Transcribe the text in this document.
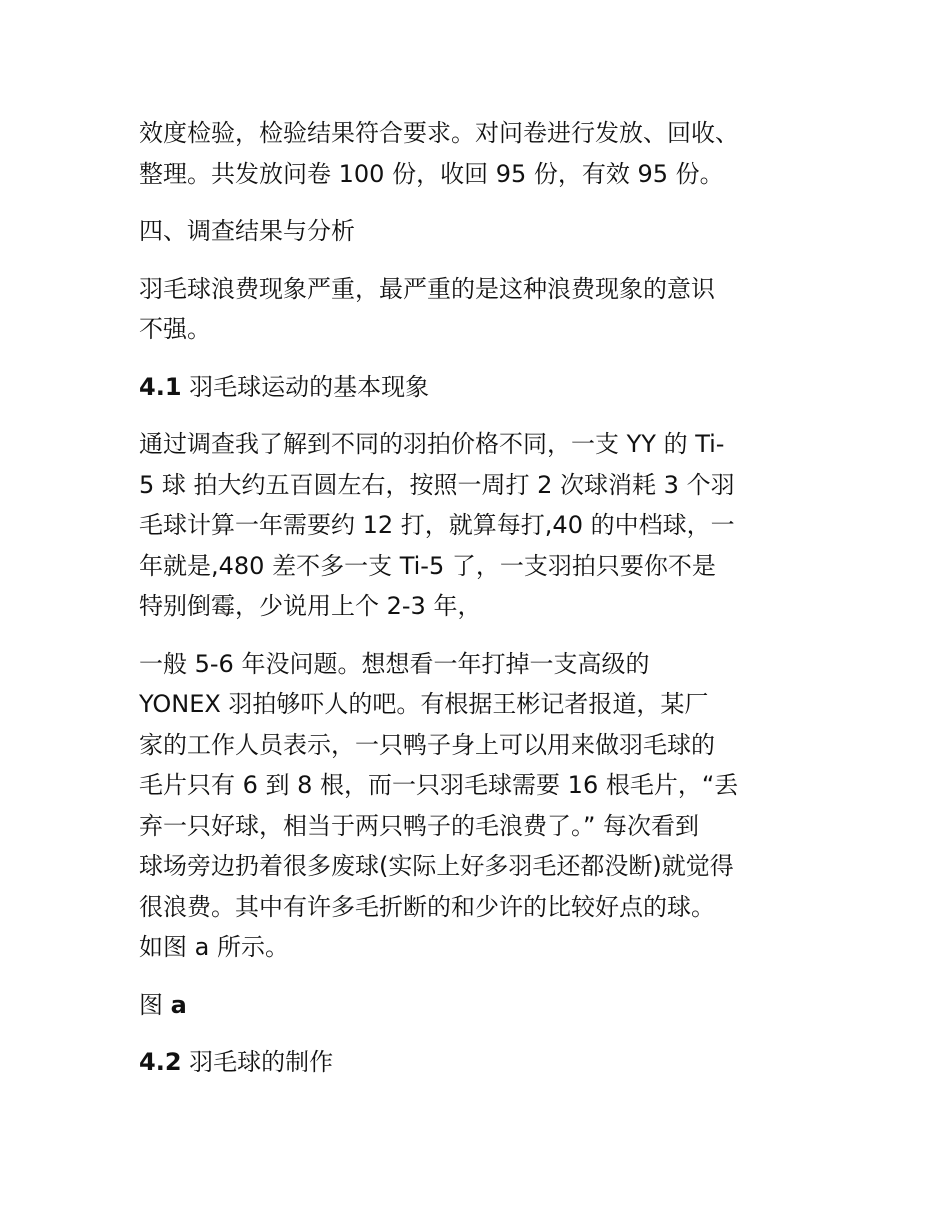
效度检验，检验结果符合要求。对问卷进行发放、回收、
整理。共发放问卷 100 份，收回 95 份，有效 95 份。

四、调查结果与分析

羽毛球浪费现象严重，最严重的是这种浪费现象的意识
不强。

4.1 羽毛球运动的基本现象

通过调查我了解到不同的羽拍价格不同，一支 YY 的 Ti-
5 球 拍大约五百圆左右，按照一周打 2 次球消耗 3 个羽
毛球计算一年需要约 12 打，就算每打,40 的中档球，一
年就是,480 差不多一支 Ti-5 了，一支羽拍只要你不是
特别倒霉，少说用上个 2-3 年，

一般 5-6 年没问题。想想看一年打掉一支高级的
YONEX 羽拍够吓人的吧。有根据王彬记者报道，某厂
家的工作人员表示，一只鸭子身上可以用来做羽毛球的
毛片只有 6 到 8 根，而一只羽毛球需要 16 根毛片，“丢
弃一只好球，相当于两只鸭子的毛浪费了。” 每次看到
球场旁边扔着很多废球(实际上好多羽毛还都没断)就觉得
很浪费。其中有许多毛折断的和少许的比较好点的球。
如图 a 所示。

图 a

4.2 羽毛球的制作
